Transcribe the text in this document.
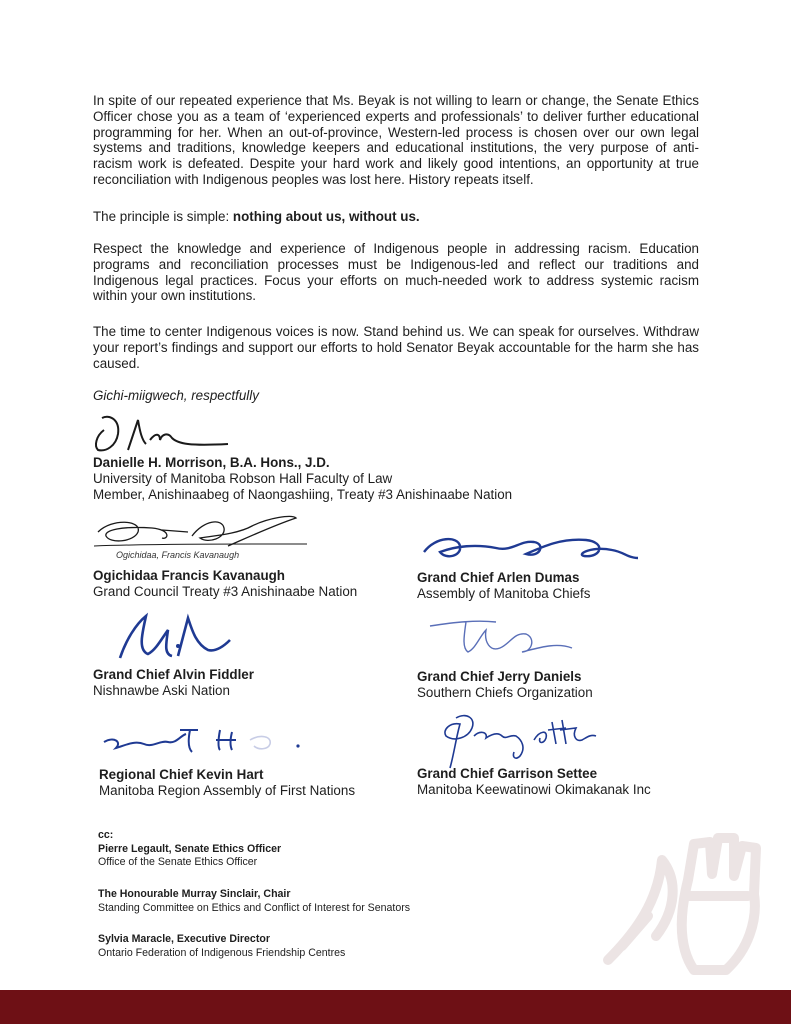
In spite of our repeated experience that Ms. Beyak is not willing to learn or change, the Senate Ethics Officer chose you as a team of ‘experienced experts and professionals’ to deliver further educational programming for her. When an out-of-province, Western-led process is chosen over our own legal systems and traditions, knowledge keepers and educational institutions, the very purpose of anti-racism work is defeated. Despite your hard work and likely good intentions, an opportunity at true reconciliation with Indigenous peoples was lost here. History repeats itself.

The principle is simple: nothing about us, without us.

Respect the knowledge and experience of Indigenous people in addressing racism. Education programs and reconciliation processes must be Indigenous-led and reflect our traditions and Indigenous legal practices. Focus your efforts on much-needed work to address systemic racism within your own institutions.

The time to center Indigenous voices is now. Stand behind us. We can speak for ourselves. Withdraw your report’s findings and support our efforts to hold Senator Beyak accountable for the harm she has caused.

Gichi-miigwech, respectfully

Danielle H. Morrison, B.A. Hons., J.D.
University of Manitoba Robson Hall Faculty of Law
Member, Anishinaabeg of Naongashiing, Treaty #3 Anishinaabe Nation
Ogichidaa, Francis Kavanaugh
Ogichidaa Francis Kavanaugh
Grand Council Treaty #3 Anishinaabe Nation
Grand Chief Arlen Dumas
Assembly of Manitoba Chiefs
Grand Chief Alvin Fiddler
Nishnawbe Aski Nation
Grand Chief Jerry Daniels
Southern Chiefs Organization
Regional Chief Kevin Hart
Manitoba Region Assembly of First Nations
Grand Chief Garrison Settee
Manitoba Keewatinowi Okimakanak Inc
cc:
Pierre Legault, Senate Ethics Officer
Office of the Senate Ethics Officer
The Honourable Murray Sinclair, Chair
Standing Committee on Ethics and Conflict of Interest for Senators
Sylvia Maracle, Executive Director
Ontario Federation of Indigenous Friendship Centres
